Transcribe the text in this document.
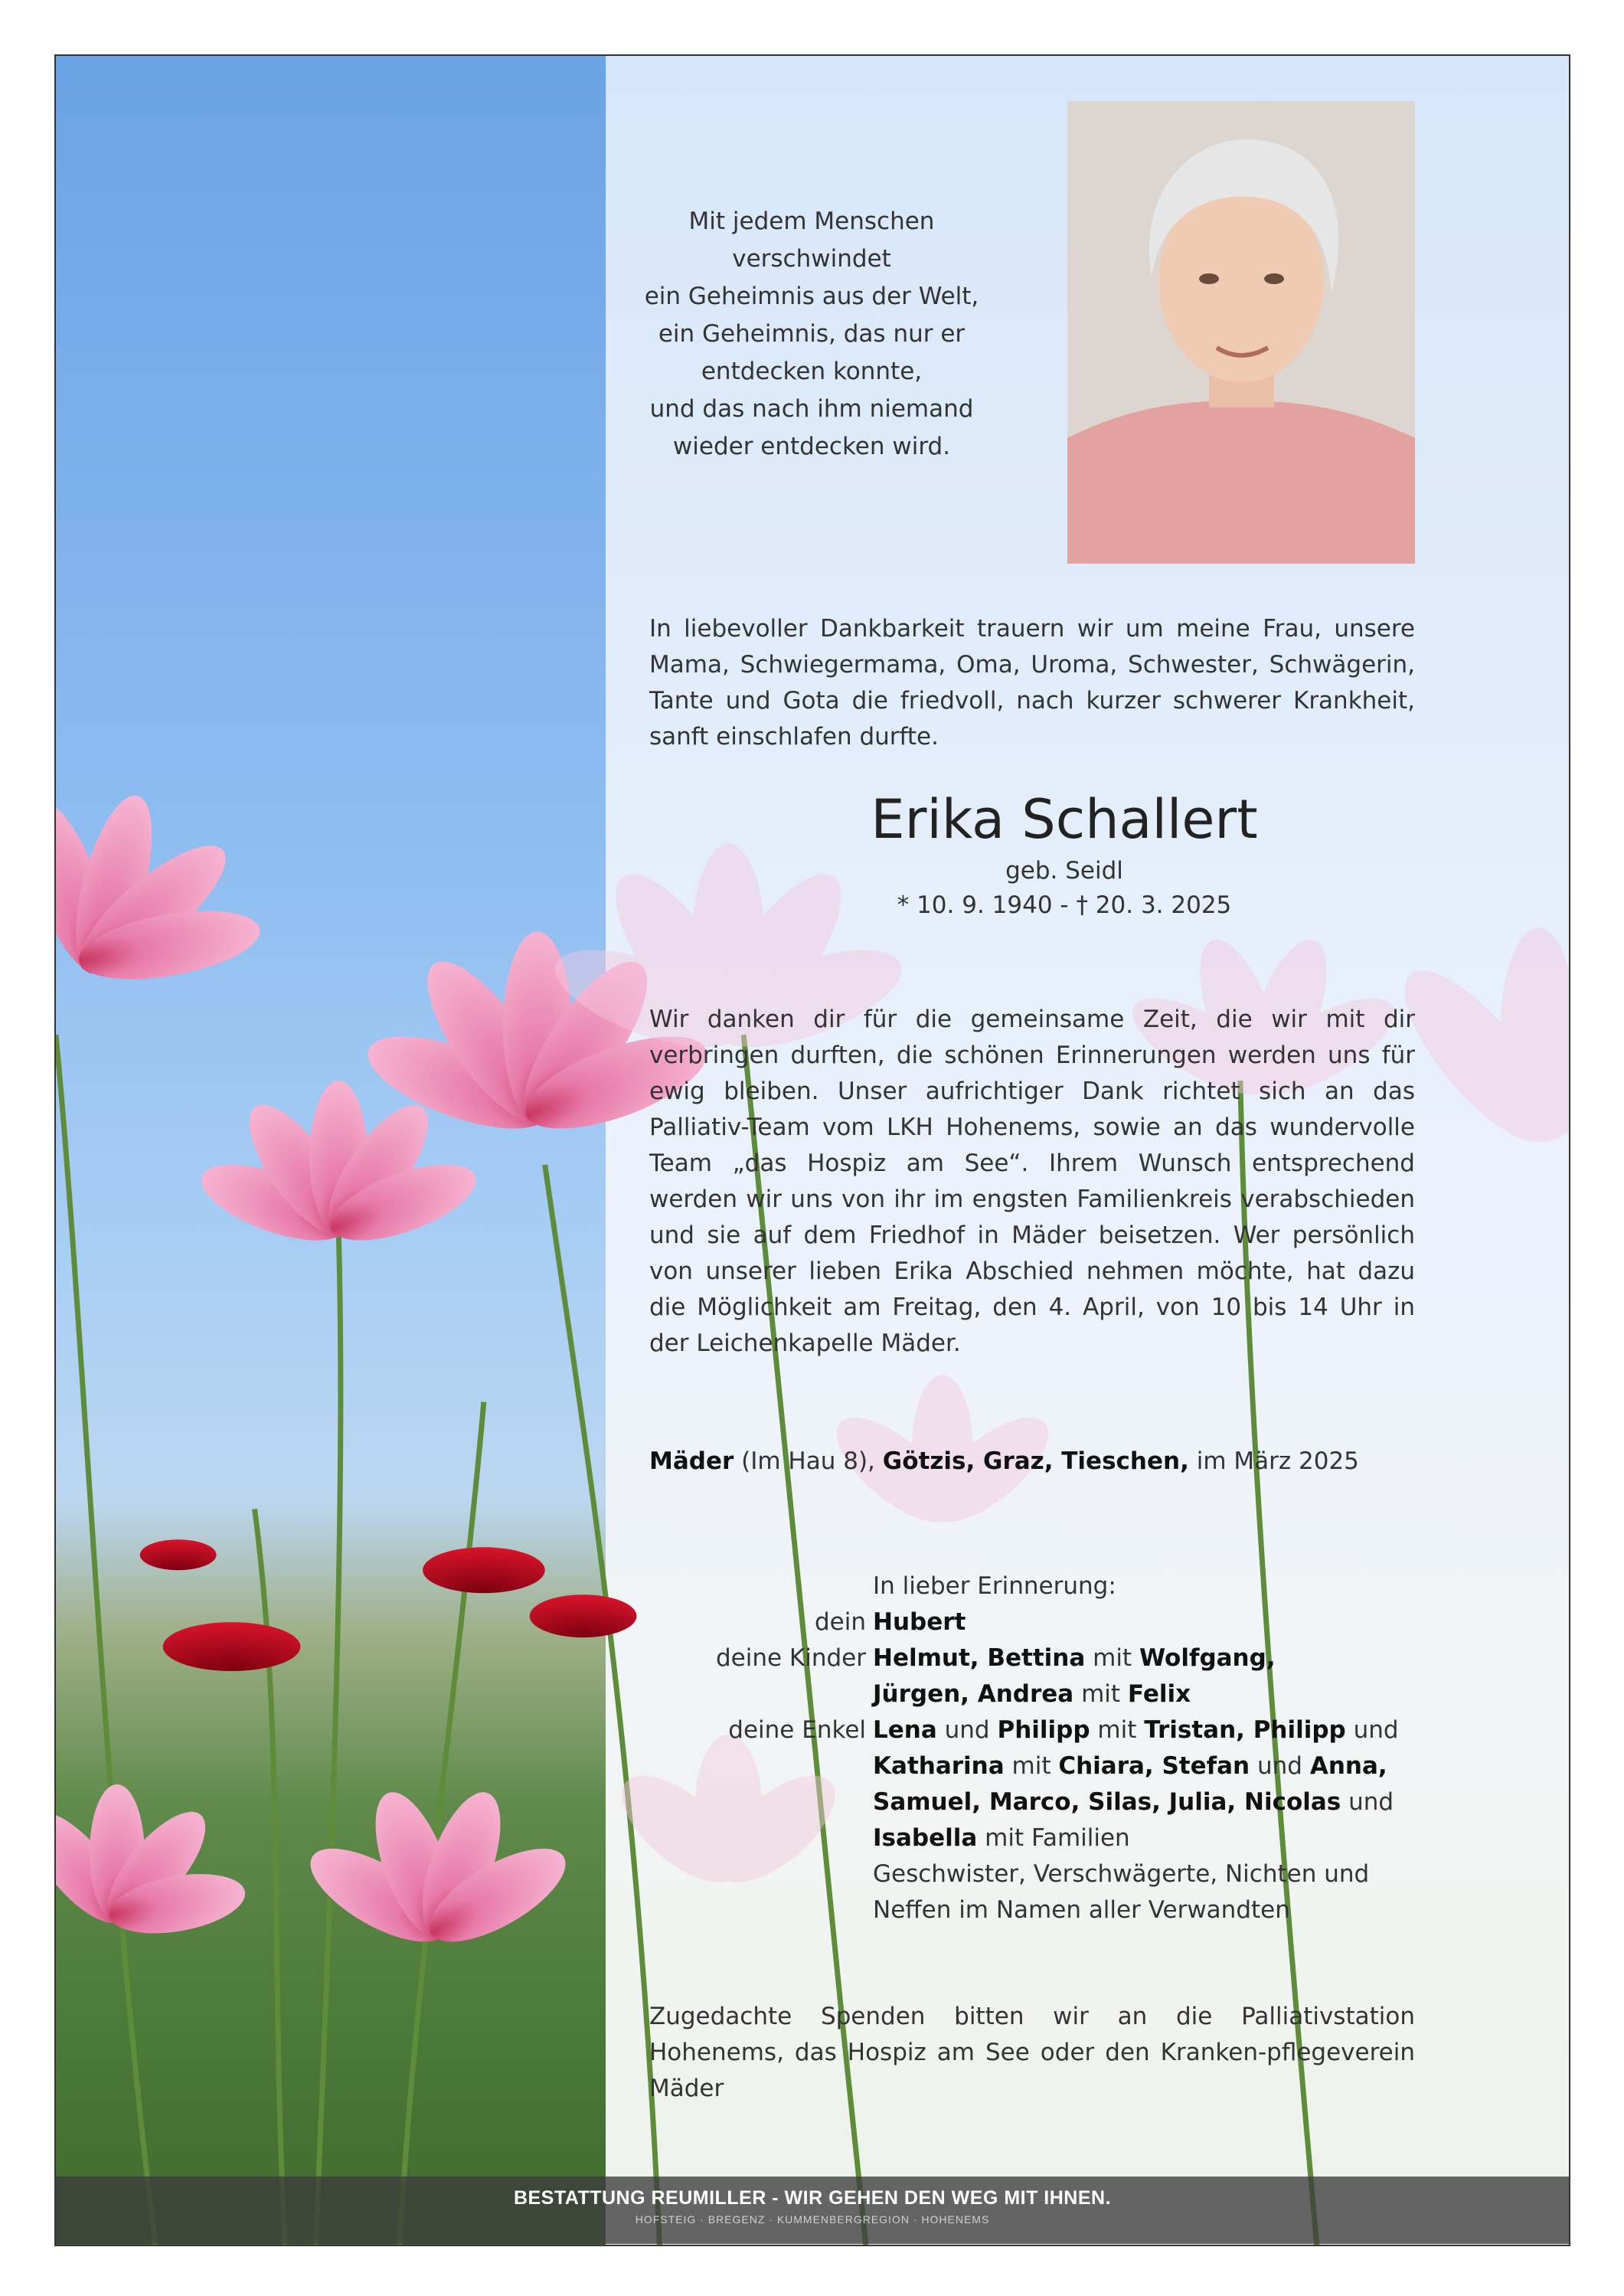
Mit jedem Menschen
verschwindet
ein Geheimnis aus der Welt,
ein Geheimnis, das nur er
entdecken konnte,
und das nach ihm niemand
wieder entdecken wird.
In liebevoller Dankbarkeit trauern wir um meine Frau, unsere Mama, Schwiegermama, Oma, Uroma, Schwester, Schwägerin, Tante und Gota die friedvoll, nach kurzer schwerer Krankheit, sanft einschlafen durfte.
Erika Schallert
geb. Seidl
* 10. 9. 1940 - † 20. 3. 2025
Wir danken dir für die gemeinsame Zeit, die wir mit dir verbringen durften, die schönen Erinnerungen werden uns für ewig bleiben. Unser aufrichtiger Dank richtet sich an das Palliativ-Team vom LKH Hohenems, sowie an das wundervolle Team „das Hospiz am See“. Ihrem Wunsch entsprechend werden wir uns von ihr im engsten Familienkreis verabschieden und sie auf dem Friedhof in Mäder beisetzen. Wer persönlich von unserer lieben Erika Abschied nehmen möchte, hat dazu die Möglichkeit am Freitag, den 4. April, von 10 bis 14 Uhr in der Leichenkapelle Mäder.
Mäder (Im Hau 8), Götzis, Graz, Tieschen, im März 2025
In lieber Erinnerung:
dein Hubert
deine Kinder Helmut, Bettina mit Wolfgang,
Jürgen, Andrea mit Felix
deine Enkel Lena und Philipp mit Tristan, Philipp und
Katharina mit Chiara, Stefan und Anna,
Samuel, Marco, Silas, Julia, Nicolas und
Isabella mit Familien
Geschwister, Verschwägerte, Nichten und
Neffen im Namen aller Verwandten
Zugedachte Spenden bitten wir an die Palliativstation Hohenems, das Hospiz am See oder den Kranken-pflegeverein Mäder
BESTATTUNG REUMILLER - WIR GEHEN DEN WEG MIT IHNEN.
HOFSTEIG · BREGENZ · KUMMENBERGREGION · HOHENEMS
